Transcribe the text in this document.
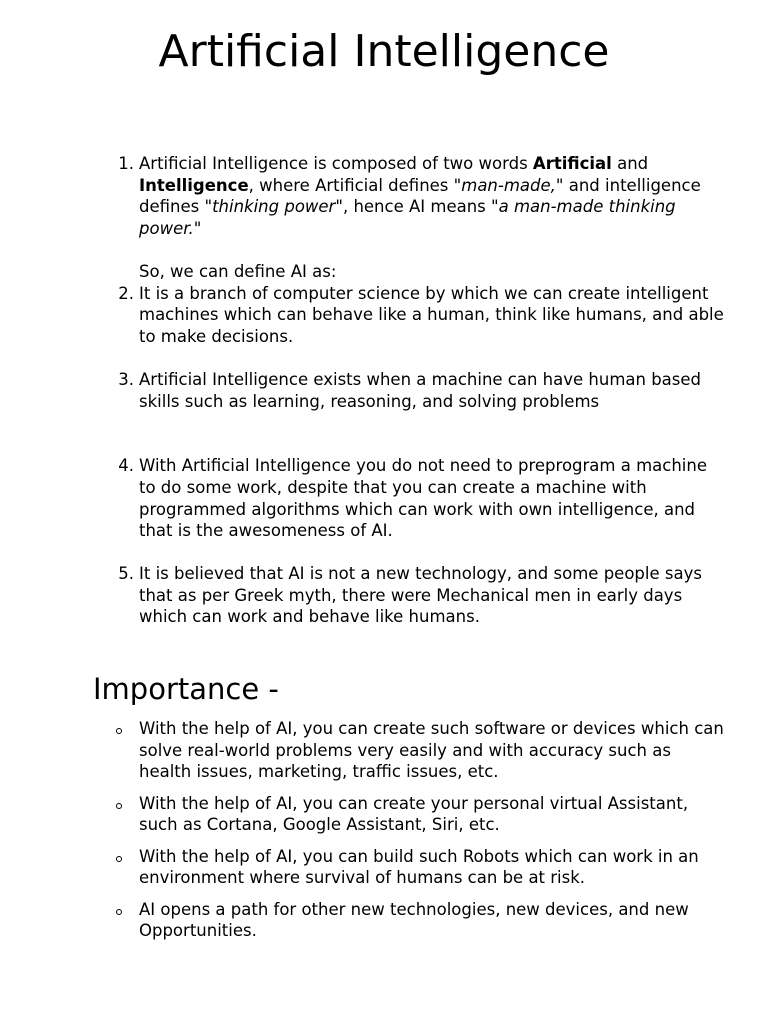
Artificial Intelligence
1. Artificial Intelligence is composed of two words Artificial and Intelligence, where Artificial defines "man-made," and intelligence defines "thinking power", hence AI means "a man-made thinking power."

So, we can define AI as:

2. It is a branch of computer science by which we can create intelligent machines which can behave like a human, think like humans, and able to make decisions.

3. Artificial Intelligence exists when a machine can have human based skills such as learning, reasoning, and solving problems

4. With Artificial Intelligence you do not need to preprogram a machine to do some work, despite that you can create a machine with programmed algorithms which can work with own intelligence, and that is the awesomeness of AI.

5. It is believed that AI is not a new technology, and some people says that as per Greek myth, there were Mechanical men in early days which can work and behave like humans.

Importance -
With the help of AI, you can create such software or devices which can solve real-world problems very easily and with accuracy such as health issues, marketing, traffic issues, etc.
With the help of AI, you can create your personal virtual Assistant, such as Cortana, Google Assistant, Siri, etc.
With the help of AI, you can build such Robots which can work in an environment where survival of humans can be at risk.
AI opens a path for other new technologies, new devices, and new Opportunities.
